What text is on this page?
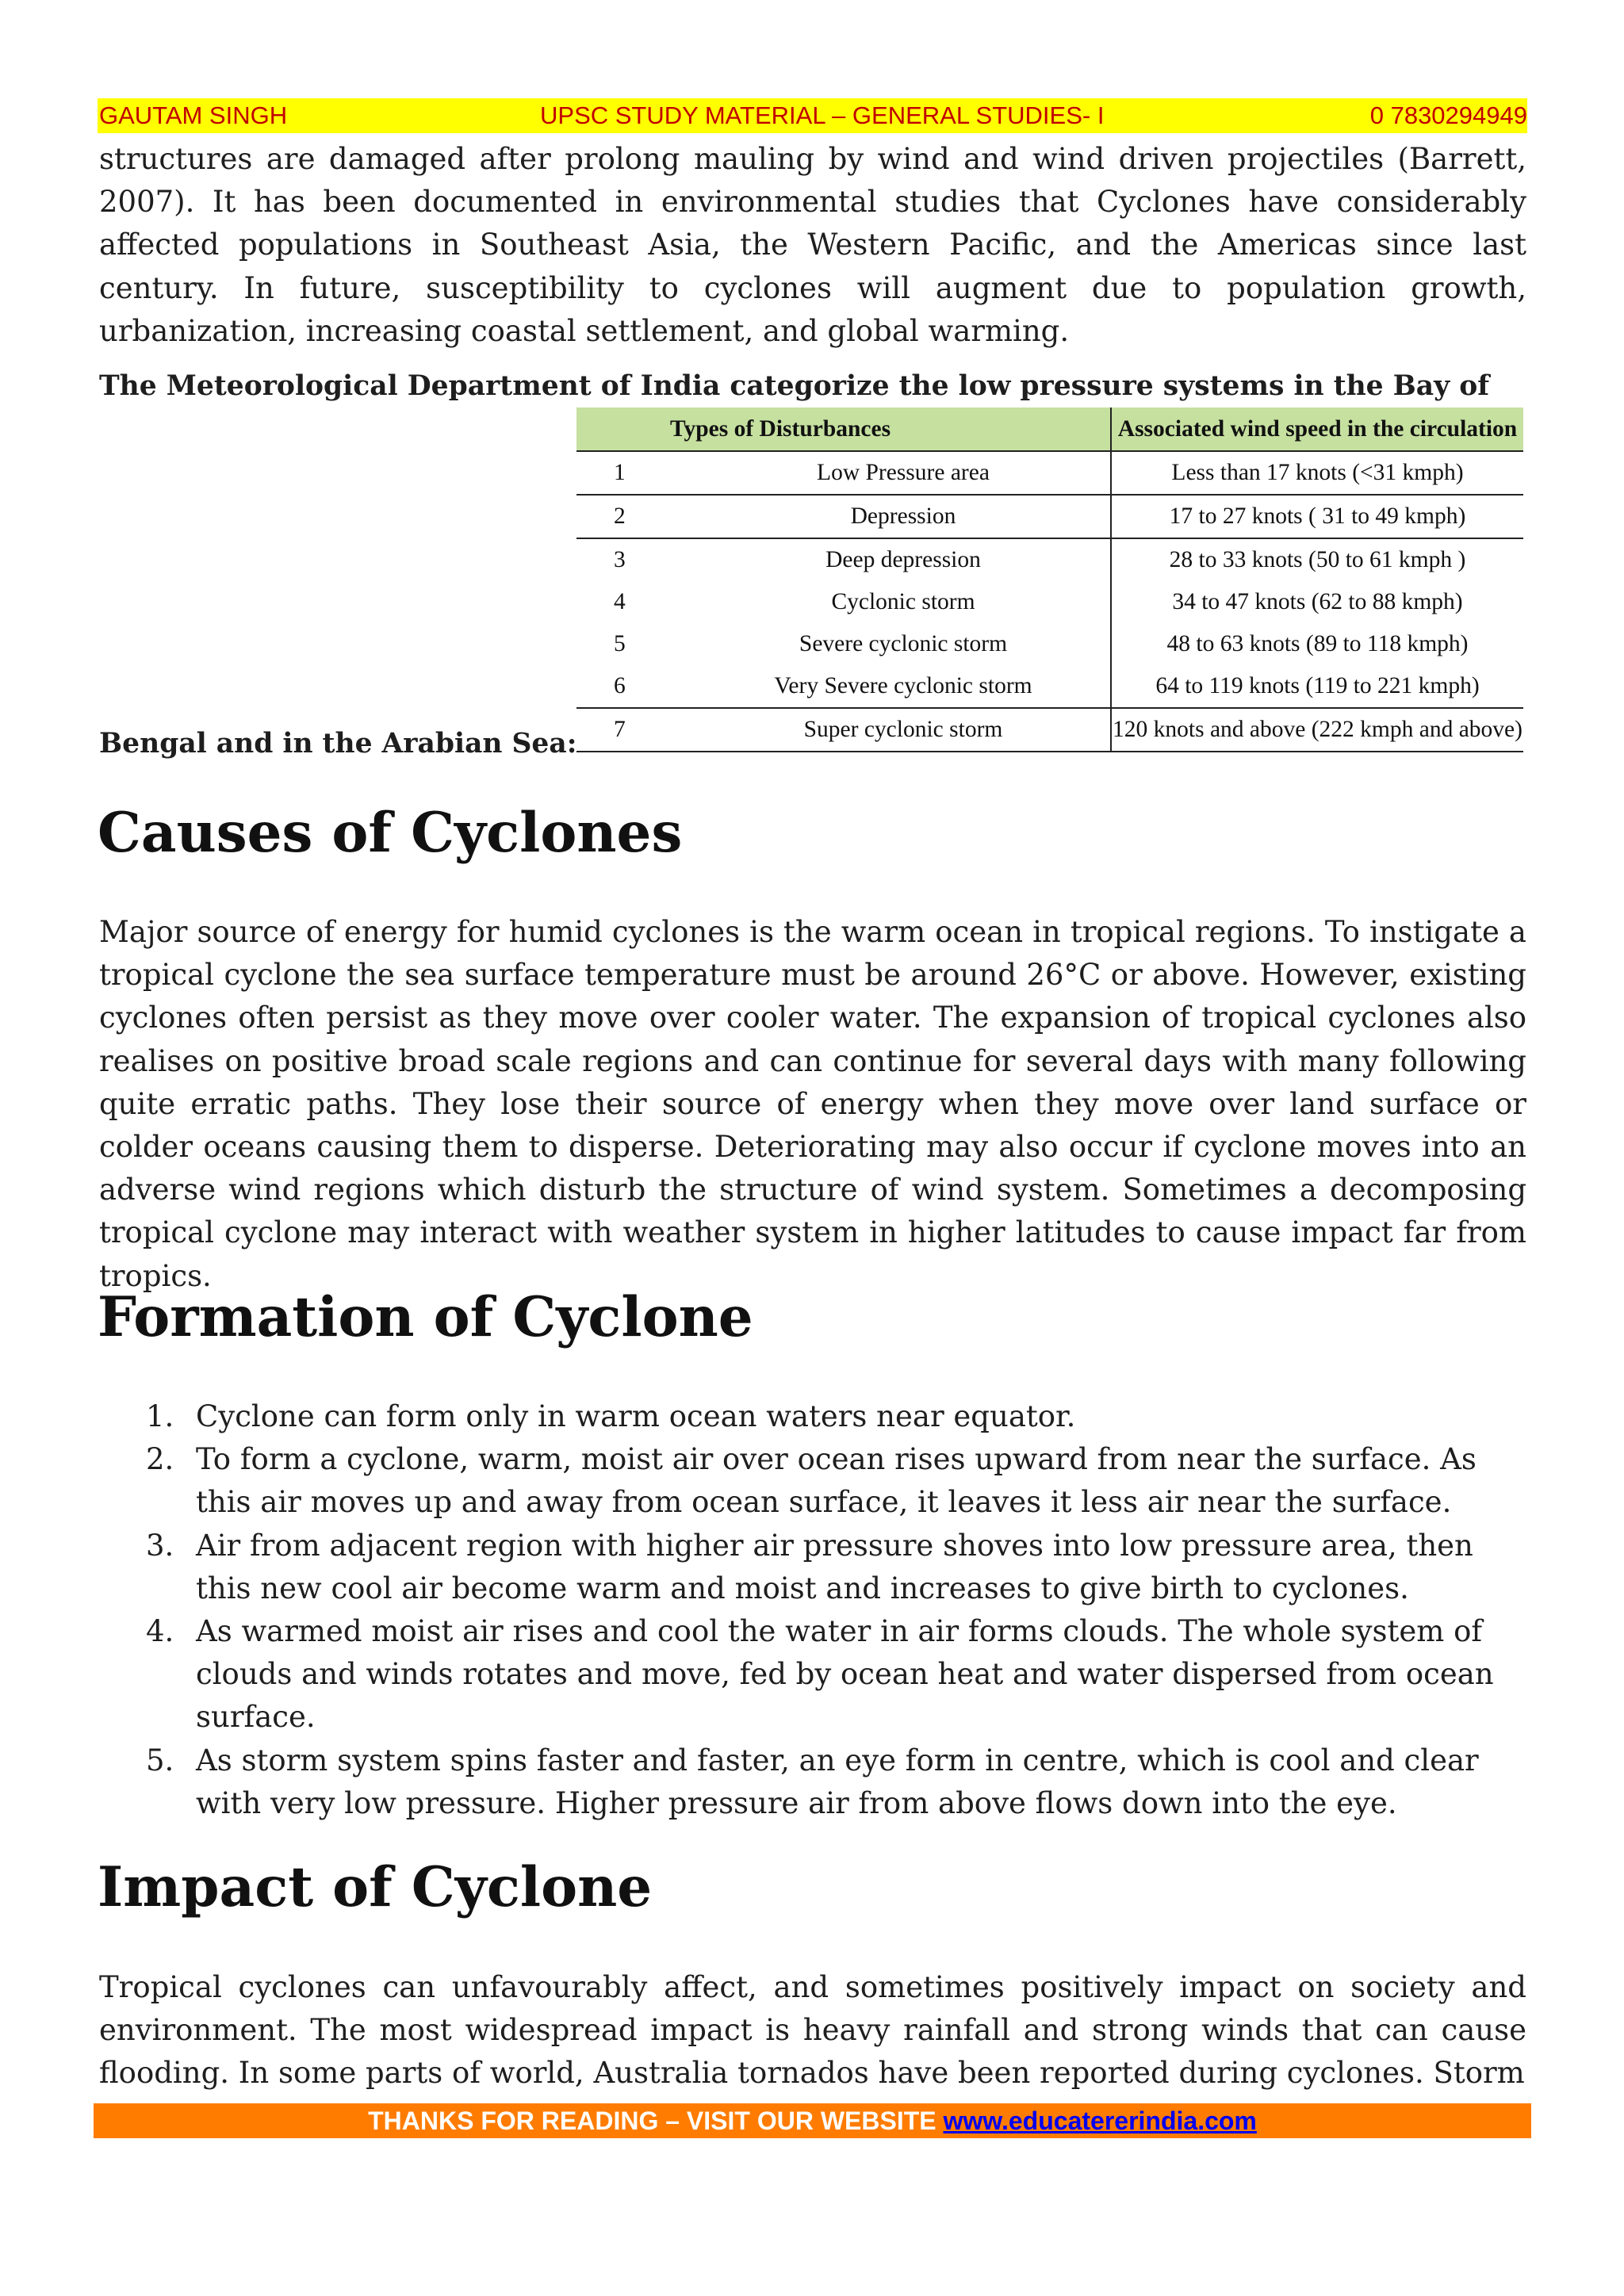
GAUTAM SINGH	UPSC STUDY MATERIAL – GENERAL STUDIES- I	0 7830294949

structures are damaged after prolong mauling by wind and wind driven projectiles (Barrett, 2007). It has been documented in environmental studies that Cyclones have considerably affected populations in Southeast Asia, the Western Pacific, and the Americas since last century. In future, susceptibility to cyclones will augment due to population growth, urbanization, increasing coastal settlement, and global warming.

The Meteorological Department of India categorize the low pressure systems in the Bay of
Types of Disturbances		Associated wind speed in the circulation
1	Low Pressure area	Less than 17 knots (<31 kmph)
2	Depression	17 to 27 knots ( 31 to 49 kmph)
3	Deep depression	28 to 33 knots (50 to 61 kmph )
4	Cyclonic storm	34 to 47 knots (62 to 88 kmph)
5	Severe cyclonic storm	48 to 63 knots (89 to 118 kmph)
6	Very Severe cyclonic storm	64 to 119 knots (119 to 221 kmph)
7	Super cyclonic storm	120 knots and above (222 kmph and above)
Bengal and in the Arabian Sea:
Causes of Cyclones

Major source of energy for humid cyclones is the warm ocean in tropical regions. To instigate a tropical cyclone the sea surface temperature must be around 26°C or above. However, existing cyclones often persist as they move over cooler water. The expansion of tropical cyclones also realises on positive broad scale regions and can continue for several days with many following quite erratic paths. They lose their source of energy when they move over land surface or colder oceans causing them to disperse. Deteriorating may also occur if cyclone moves into an adverse wind regions which disturb the structure of wind system. Sometimes a decomposing tropical cyclone may interact with weather system in higher latitudes to cause impact far from tropics.

Formation of Cyclone
1. Cyclone can form only in warm ocean waters near equator.
2. To form a cyclone, warm, moist air over ocean rises upward from near the surface. As this air moves up and away from ocean surface, it leaves it less air near the surface.
3. Air from adjacent region with higher air pressure shoves into low pressure area, then this new cool air become warm and moist and increases to give birth to cyclones.
4. As warmed moist air rises and cool the water in air forms clouds. The whole system of clouds and winds rotates and move, fed by ocean heat and water dispersed from ocean surface.
5. As storm system spins faster and faster, an eye form in centre, which is cool and clear with very low pressure. Higher pressure air from above flows down into the eye.
Impact of Cyclone

Tropical cyclones can unfavourably affect, and sometimes positively impact on society and environment. The most widespread impact is heavy rainfall and strong winds that can cause flooding. In some parts of world, Australia tornados have been reported during cyclones. Storm

THANKS FOR READING – VISIT OUR WEBSITE www.educatererindia.com
